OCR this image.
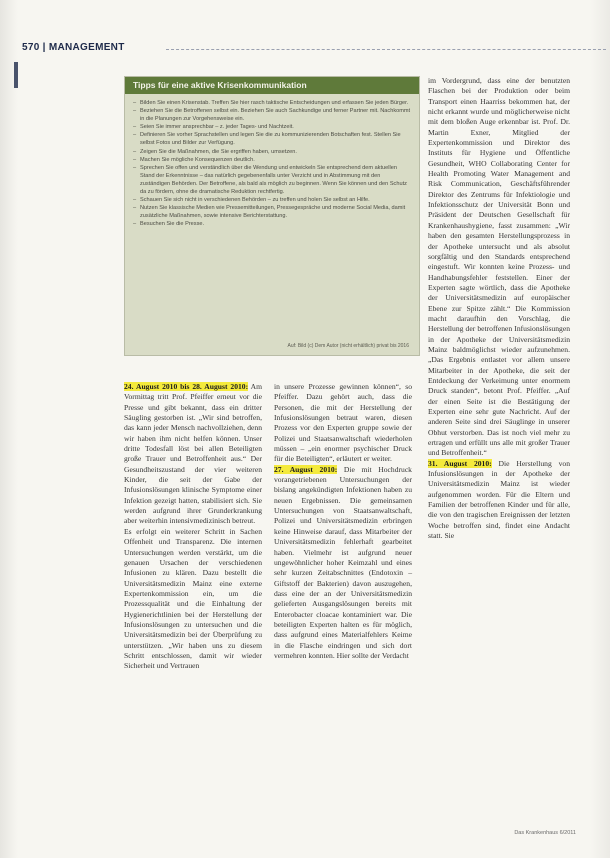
570 | MANAGEMENT
Tipps für eine aktive Krisenkommunikation
– Bilden Sie einen Krisenstab. Treffen Sie hier rasch taktische Entscheidungen und erfassen Sie jeden Bürger.
– Beziehen Sie die Betroffenen selbst ein. Beziehen Sie auch Sachkundige und ferner Partner mit. Nachkommt in die Planungen zur Vorgehensweise ein.
– Seien Sie immer ansprechbar – z. jeder Tages- und Nachtzeit.
– Definieren Sie vorher Sprachstellen und legen Sie die zu kommunizierenden Botschaften fest. Stellen Sie selbst Fotos und Bilder zur Verfügung.
– Zeigen Sie die Maßnahmen, die Sie ergriffen haben, umsetzen.
– Machen Sie mögliche Konsequenzen deutlich.
– Sprechen Sie offen und verständlich über die Wendung und entwickeln Sie entsprechend dem aktuellen Stand der Erkenntnisse – das natürlich gegebenenfalls unter Verzicht und in Abstimmung mit den zuständigen Behörden. Der Betroffene, als bald als möglich zu beginnen. Wenn Sie können und den Schutz da zu fördern, ohne die dramatische Reduktion rechtfertig.
– Schauen Sie sich nicht in verschiedenen Behörden – zu treffen und holen Sie selbst an Hilfe.
– Nutzen Sie klassische Medien wie Pressemitteilungen, Pressegespräche und moderne Social Media, damit zusätzliche Maßnahmen, sowie intensive Berichterstattung.
– Besuchen Sie die Presse.
Auf: Bild (c) Dem Autor (nicht erhältlich) privat bis 2016

24. August 2010 bis 28. August 2010: Am Vormittag tritt Prof. Pfeiffer erneut vor die Presse und gibt bekannt, dass ein dritter Säugling gestorben ist. „Wir sind betroffen, das kann jeder Mensch nachvollziehen, denn wir haben ihm nicht helfen können. Unser dritte Todesfall löst bei allen Beteiligten große Trauer und Betroffenheit aus.“ Der Gesundheitszustand der vier weiteren Kinder, die seit der Gabe der Infusionslösungen klinische Symptome einer Infektion gezeigt hatten, stabilisiert sich. Sie werden aufgrund ihrer Grunderkrankung aber weiterhin intensivmedizinisch betreut.

Es erfolgt ein weiterer Schritt in Sachen Offenheit und Transparenz. Die internen Untersuchungen werden verstärkt, um die genauen Ursachen der verschiedenen Infusionen zu klären. Dazu bestellt die Universitätsmedizin Mainz eine externe Expertenkommission ein, um die Prozessqualität und die Einhaltung der Hygienerichtlinien bei der Herstellung der Infusionslösungen zu untersuchen und die Universitätsmedizin bei der Überprüfung zu unterstützen. „Wir haben uns zu diesem Schritt entschlossen, damit wir wieder Sicherheit und Vertrauen

in unsere Prozesse gewinnen können“, so Pfeiffer. Dazu gehört auch, dass die Personen, die mit der Herstellung der Infusionslösungen betraut waren, diesen Prozess vor den Experten gruppe sowie der Polizei und Staatsanwaltschaft wiederholen müssen – „ein enormer psychischer Druck für die Beteiligten“, erläutert er weiter.

27. August 2010: Die mit Hochdruck vorangetriebenen Untersuchungen der bislang angekündigten Infektionen haben zu neuen Ergebnissen. Die gemeinsamen Untersuchungen von Staatsanwaltschaft, Polizei und Universitätsmedizin erbringen keine Hinweise darauf, dass Mitarbeiter der Universitätsmedizin fehlerhaft gearbeitet haben. Vielmehr ist aufgrund neuer ungewöhnlicher hoher Keimzahl und eines sehr kurzen Zeitabschnittes (Endotoxin – Giftstoff der Bakterien) davon auszugehen, dass eine der an der Universitätsmedizin gelieferten Ausgangslösungen bereits mit Enterobacter cloacae kontaminiert war. Die beteiligten Experten halten es für möglich, dass aufgrund eines Materialfehlers Keime in die Flasche eindringen und sich dort vermehren konnten. Hier sollte der Verdacht

im Vordergrund, dass eine der benutzten Flaschen bei der Produktion oder beim Transport einen Haarriss bekommen hat, der nicht erkannt wurde und möglicherweise nicht mit dem bloßen Auge erkennbar ist. Prof. Dr. Martin Exner, Mitglied der Expertenkommission und Direktor des Instituts für Hygiene und Öffentliche Gesundheit, WHO Collaborating Center for Health Promoting Water Management and Risk Communication, Geschäftsführender Direktor des Zentrums für Infektiologie und Infektionsschutz der Universität Bonn und Präsident der Deutschen Gesellschaft für Krankenhaushygiene, fasst zusammen: „Wir haben den gesamten Herstellungsprozess in der Apotheke untersucht und als absolut sorgfältig und den Standards entsprechend eingestuft. Wir konnten keine Prozess- und Handhabungsfehler feststellen. Einer der Experten sagte wörtlich, dass die Apotheke der Universitätsmedizin auf europäischer Ebene zur Spitze zählt.“ Die Kommission macht daraufhin den Vorschlag, die Herstellung der betroffenen Infusionslösungen in der Apotheke der Universitätsmedizin Mainz baldmöglichst wieder aufzunehmen. „Das Ergebnis entlastet vor allem unsere Mitarbeiter in der Apotheke, die seit der Entdeckung der Verkeimung unter enormem Druck standen“, betont Prof. Pfeiffer. „Auf der einen Seite ist die Bestätigung der Experten eine sehr gute Nachricht. Auf der anderen Seite sind drei Säuglinge in unserer Obhut verstorben. Das ist noch viel mehr zu ertragen und erfüllt uns alle mit großer Trauer und Betroffenheit.“

31. August 2010: Die Herstellung von Infusionslösungen in der Apotheke der Universitätsmedizin Mainz ist wieder aufgenommen worden. Für die Eltern und Familien der betroffenen Kinder und für alle, die von den tragischen Ereignissen der letzten Woche betroffen sind, findet eine Andacht statt. Sie

Das Krankenhaus 6/2011
